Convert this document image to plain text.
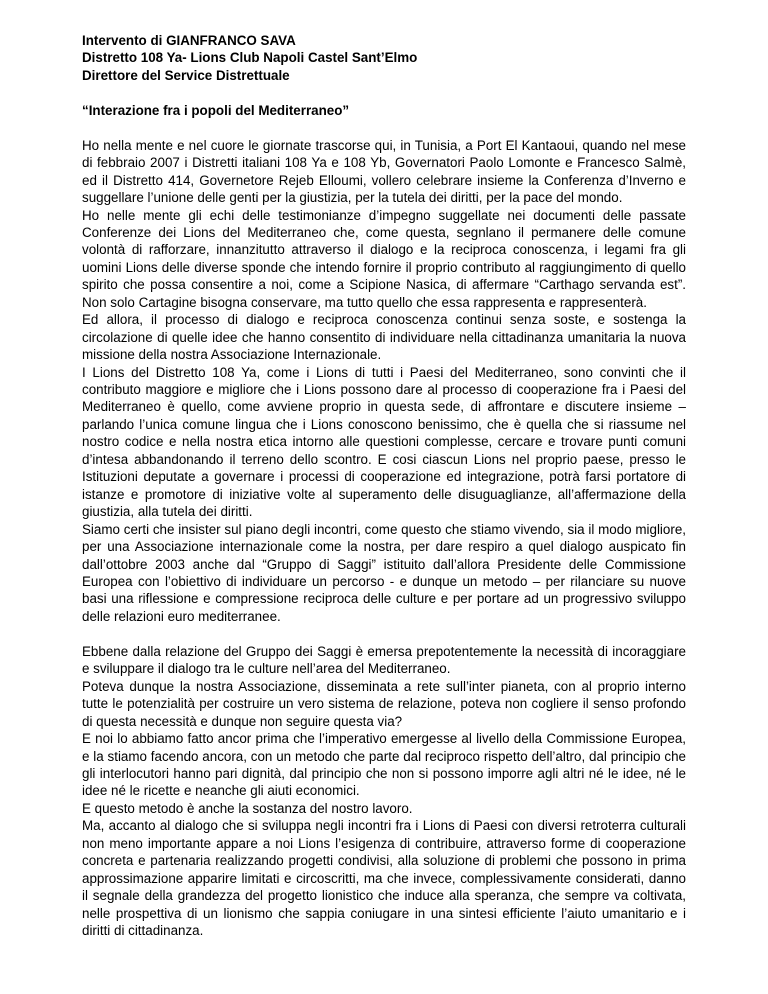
Intervento di GIANFRANCO SAVA

Distretto 108 Ya- Lions Club Napoli Castel Sant’Elmo

Direttore del Service Distrettuale

“Interazione fra i popoli del Mediterraneo”

Ho nella mente e nel cuore le giornate trascorse qui, in Tunisia, a Port El Kantaoui, quando nel mese di febbraio 2007 i Distretti italiani 108 Ya e 108 Yb, Governatori Paolo Lomonte e Francesco Salmè, ed il Distretto 414, Governetore Rejeb Elloumi, vollero celebrare insieme la Conferenza d’Inverno e suggellare l’unione delle genti per la giustizia, per la tutela dei diritti, per la pace del mondo.

Ho nelle mente gli echi delle testimonianze d’impegno suggellate nei documenti delle passate Conferenze dei Lions del Mediterraneo che, come questa, segnlano il permanere delle comune volontà di rafforzare, innanzitutto attraverso il dialogo e la reciproca conoscenza, i legami fra gli uomini Lions delle diverse sponde che intendo fornire il proprio contributo al raggiungimento di quello spirito che possa consentire a noi, come a Scipione Nasica, di affermare “Carthago servanda est”. Non solo Cartagine bisogna conservare, ma tutto quello che essa rappresenta e rappresenterà.

Ed allora, il processo di dialogo e reciproca conoscenza continui senza soste, e sostenga la circolazione di quelle idee che hanno consentito di individuare nella cittadinanza umanitaria la nuova missione della nostra Associazione Internazionale.

I Lions del Distretto 108 Ya, come i Lions di tutti i Paesi del Mediterraneo, sono convinti che il contributo maggiore e migliore che i Lions possono dare al processo di cooperazione fra i Paesi del Mediterraneo è quello, come avviene proprio in questa sede, di affrontare e discutere insieme – parlando l’unica comune lingua che i Lions conoscono benissimo, che è quella che si riassume nel nostro codice e nella nostra etica intorno alle questioni complesse, cercare e trovare punti comuni d’intesa abbandonando il terreno dello scontro. E cosi ciascun Lions nel proprio paese, presso le Istituzioni deputate a governare i processi di cooperazione ed integrazione, potrà farsi portatore di istanze e promotore di iniziative volte al superamento delle disuguaglianze, all’affermazione della giustizia, alla tutela dei diritti.

Siamo certi che insister sul piano degli incontri, come questo che stiamo vivendo, sia il modo migliore, per una Associazione internazionale come la nostra, per dare respiro a quel dialogo auspicato fin dall’ottobre 2003 anche dal “Gruppo di Saggi” istituito dall’allora Presidente delle Commissione Europea con l’obiettivo di individuare un percorso - e dunque un metodo – per rilanciare su nuove basi una riflessione e compressione reciproca delle culture e per portare ad un progressivo sviluppo delle relazioni euro mediterranee.

Ebbene dalla relazione del Gruppo dei Saggi è emersa prepotentemente la necessità di incoraggiare e sviluppare il dialogo tra le culture nell’area del Mediterraneo.

Poteva dunque la nostra Associazione, disseminata a rete sull’inter pianeta, con al proprio interno tutte le potenzialità per costruire un vero sistema de relazione, poteva non cogliere il senso profondo di questa necessità e dunque non seguire questa via?

E noi lo abbiamo fatto ancor prima che l’imperativo emergesse al livello della Commissione Europea, e la stiamo facendo ancora, con un metodo che parte dal reciproco rispetto dell’altro, dal principio che gli interlocutori hanno pari dignità, dal principio che non si possono imporre agli altri né le idee, né le idee né le ricette e neanche gli aiuti economici.

E questo metodo è anche la sostanza del nostro lavoro.

Ma, accanto al dialogo che si sviluppa negli incontri fra i Lions di Paesi con diversi retroterra culturali non meno importante appare a noi Lions l’esigenza di contribuire, attraverso forme di cooperazione concreta e partenaria realizzando progetti condivisi, alla soluzione di problemi che possono in prima approssimazione apparire limitati e circoscritti, ma che invece, complessivamente considerati, danno il segnale della grandezza del progetto lionistico che induce alla speranza, che sempre va coltivata, nelle prospettiva di un lionismo che sappia coniugare in una sintesi efficiente l’aiuto umanitario e i diritti di cittadinanza.
